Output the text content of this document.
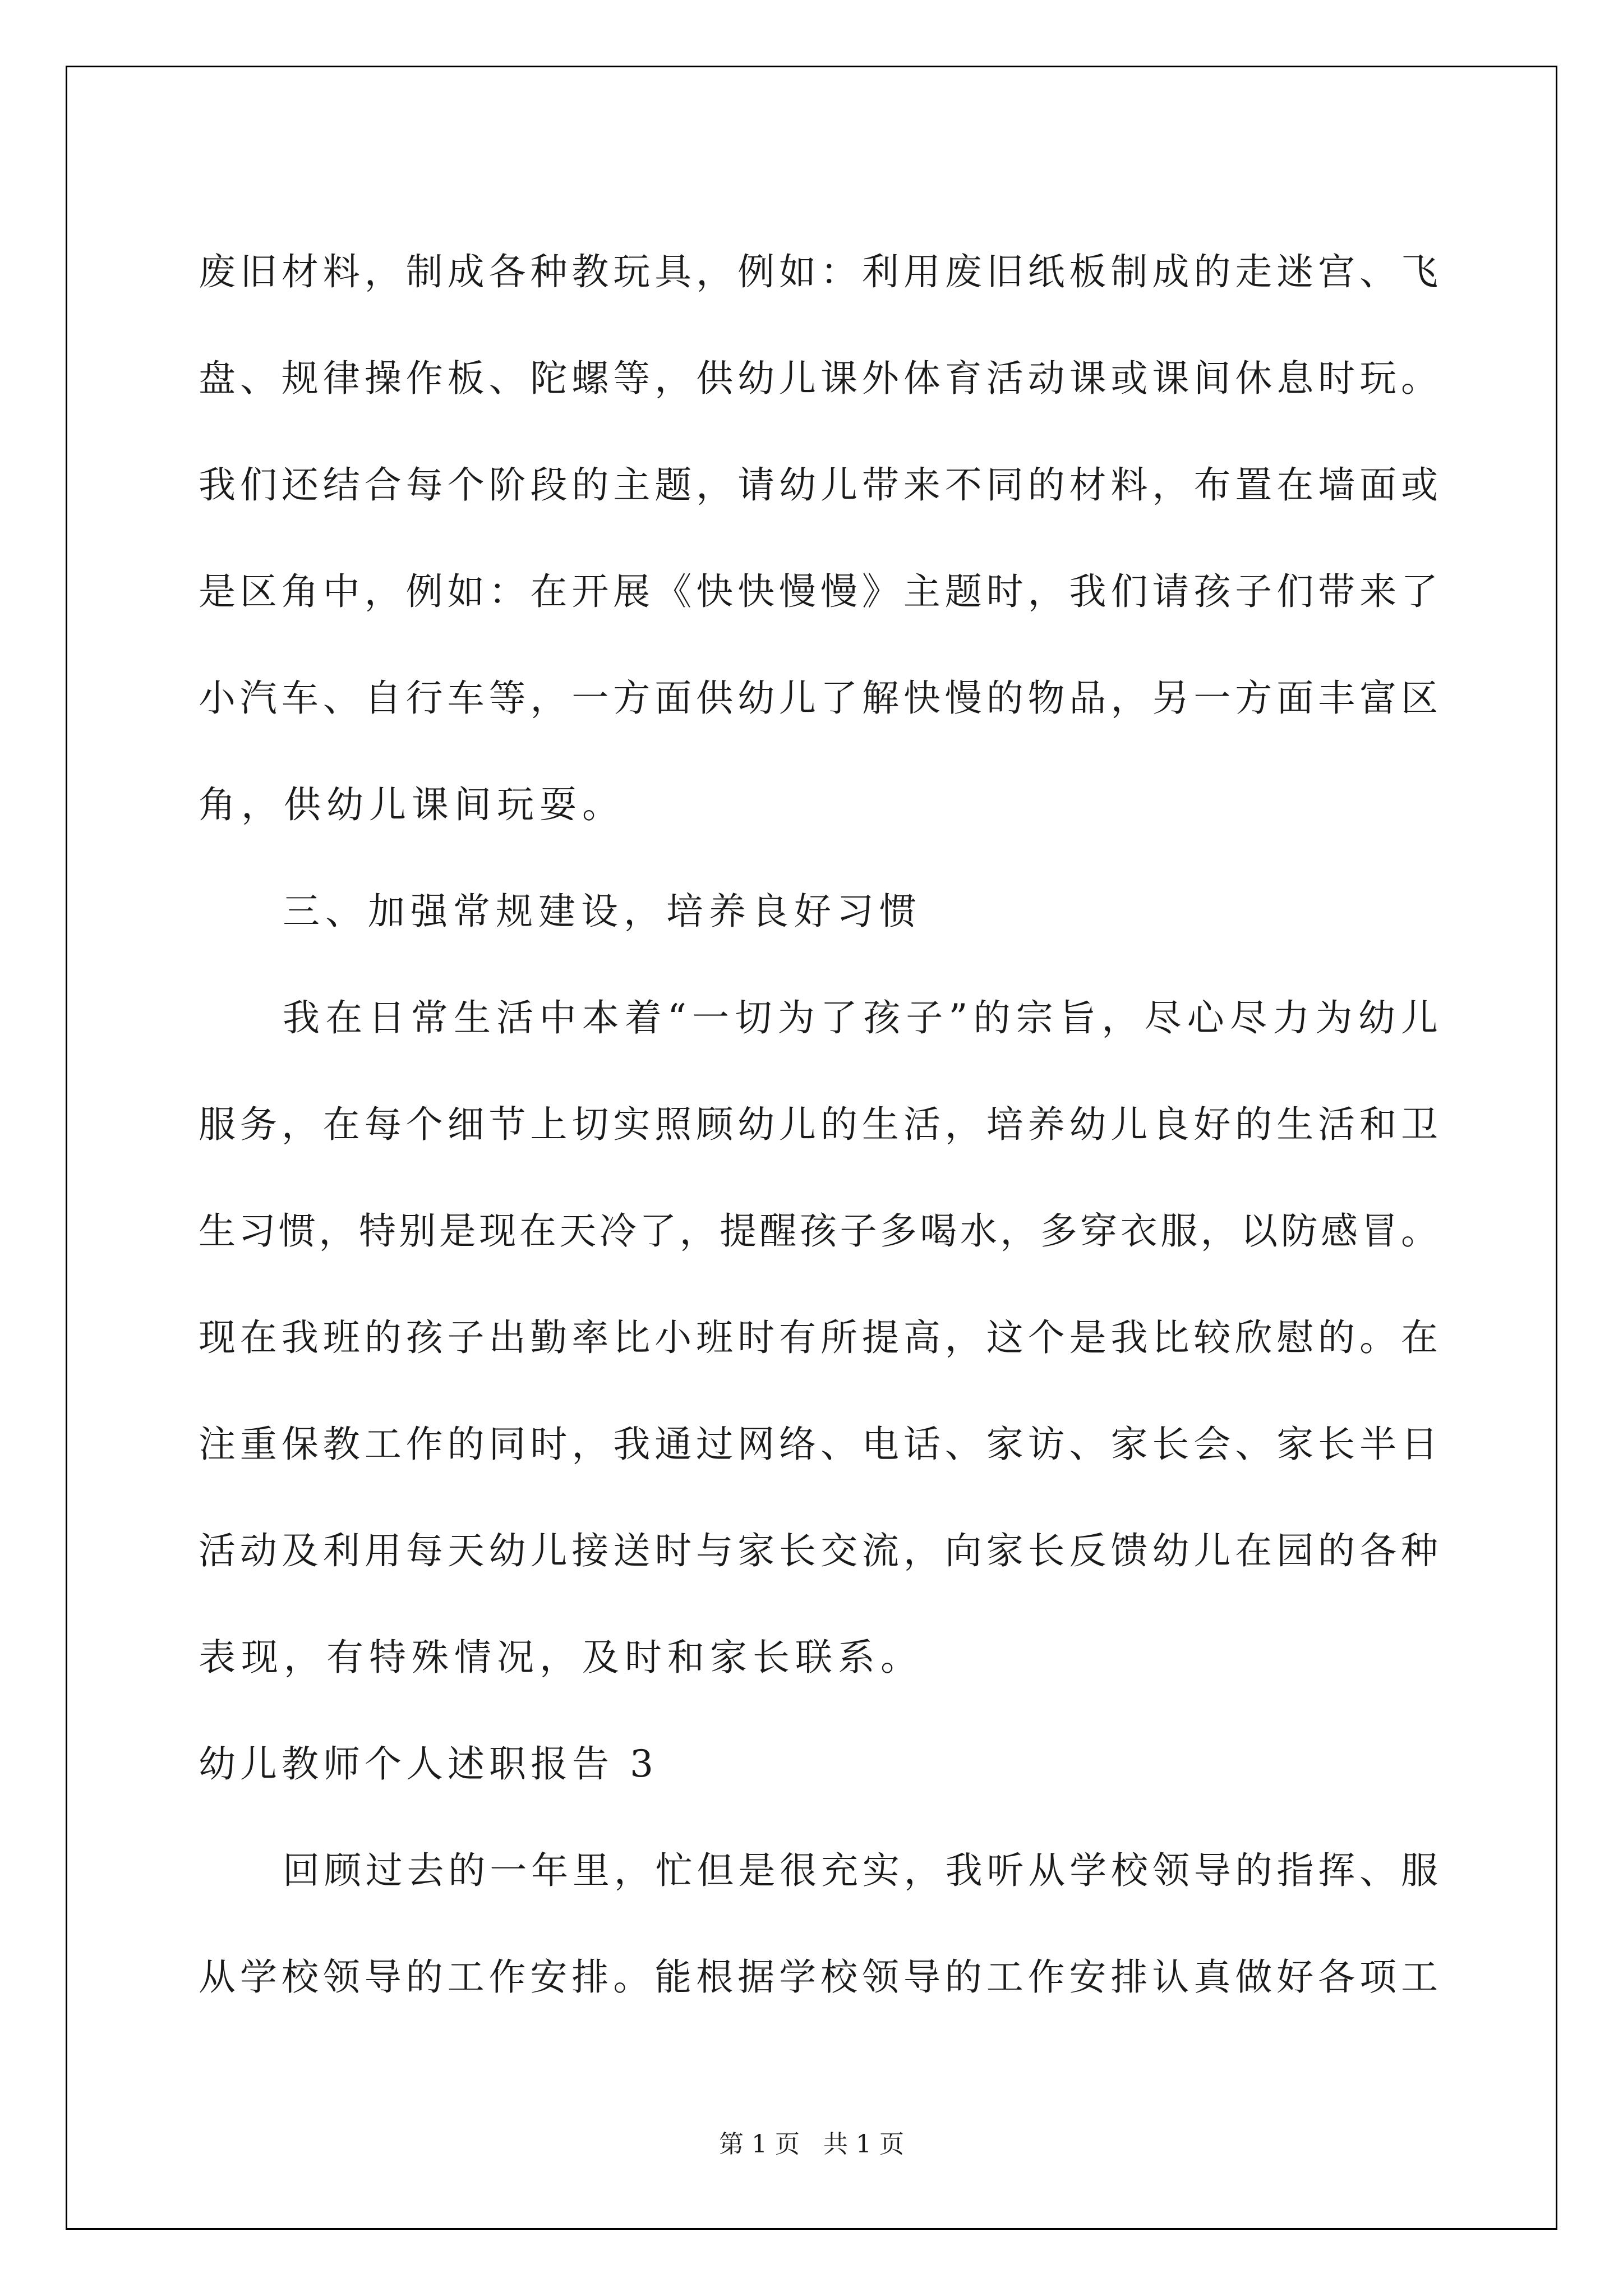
废旧材料，制成各种教玩具，例如：利用废旧纸板制成的走迷宫、飞
盘、规律操作板、陀螺等，供幼儿课外体育活动课或课间休息时玩。
我们还结合每个阶段的主题，请幼儿带来不同的材料，布置在墙面或
是区角中，例如：在开展《快快慢慢》主题时，我们请孩子们带来了
小汽车、自行车等，一方面供幼儿了解快慢的物品，另一方面丰富区
角，供幼儿课间玩耍。
三、加强常规建设，培养良好习惯
我在日常生活中本着“一切为了孩子”的宗旨，尽心尽力为幼儿
服务，在每个细节上切实照顾幼儿的生活，培养幼儿良好的生活和卫
生习惯，特别是现在天冷了，提醒孩子多喝水，多穿衣服，以防感冒。
现在我班的孩子出勤率比小班时有所提高，这个是我比较欣慰的。在
注重保教工作的同时，我通过网络、电话、家访、家长会、家长半日
活动及利用每天幼儿接送时与家长交流，向家长反馈幼儿在园的各种
表现，有特殊情况，及时和家长联系。
幼儿教师个人述职报告 3
回顾过去的一年里，忙但是很充实，我听从学校领导的指挥、服
从学校领导的工作安排。能根据学校领导的工作安排认真做好各项工
第 1 页   共 1 页
